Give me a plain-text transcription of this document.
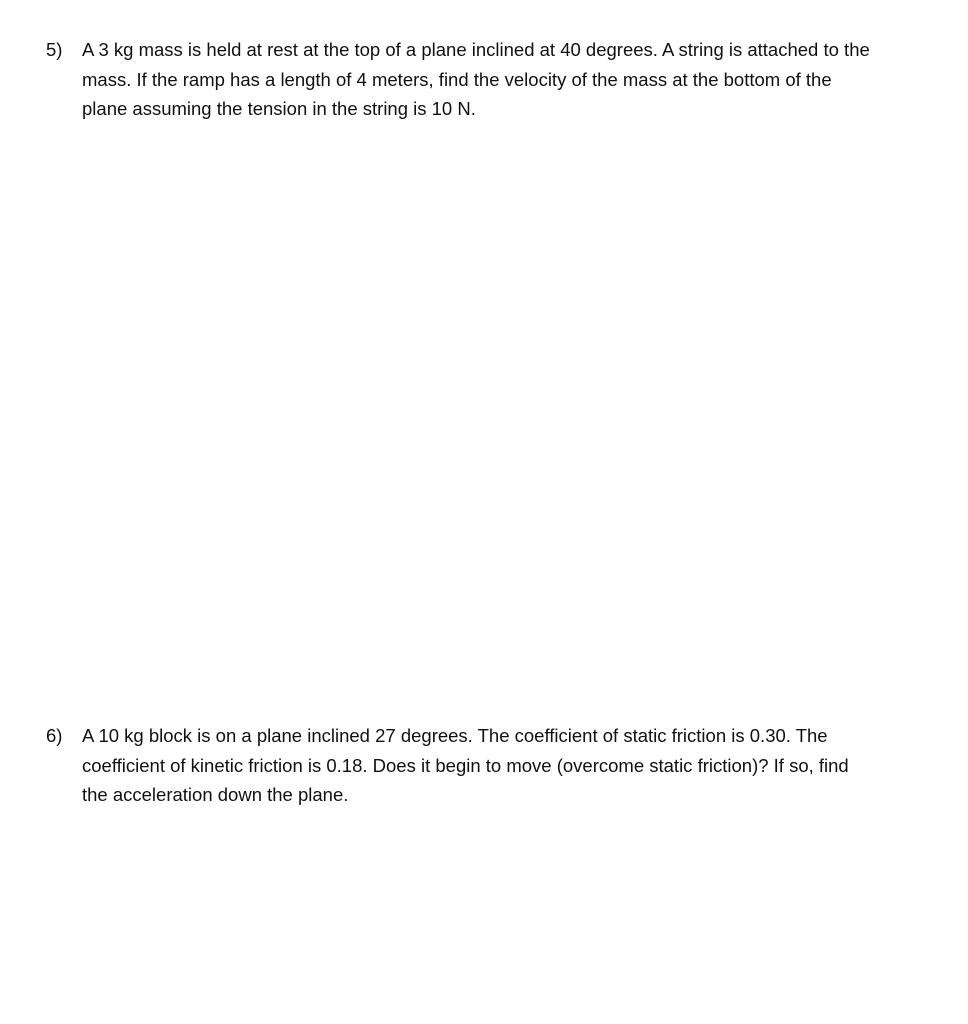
5)	A 3 kg mass is held at rest at the top of a plane inclined at 40 degrees. A string is attached to the
mass. If the ramp has a length of 4 meters, find the velocity of the mass at the bottom of the
plane assuming the tension in the string is 10 N.
6)	A 10 kg block is on a plane inclined 27 degrees. The coefficient of static friction is 0.30. The
coefficient of kinetic friction is 0.18. Does it begin to move (overcome static friction)? If so, find
the acceleration down the plane.
